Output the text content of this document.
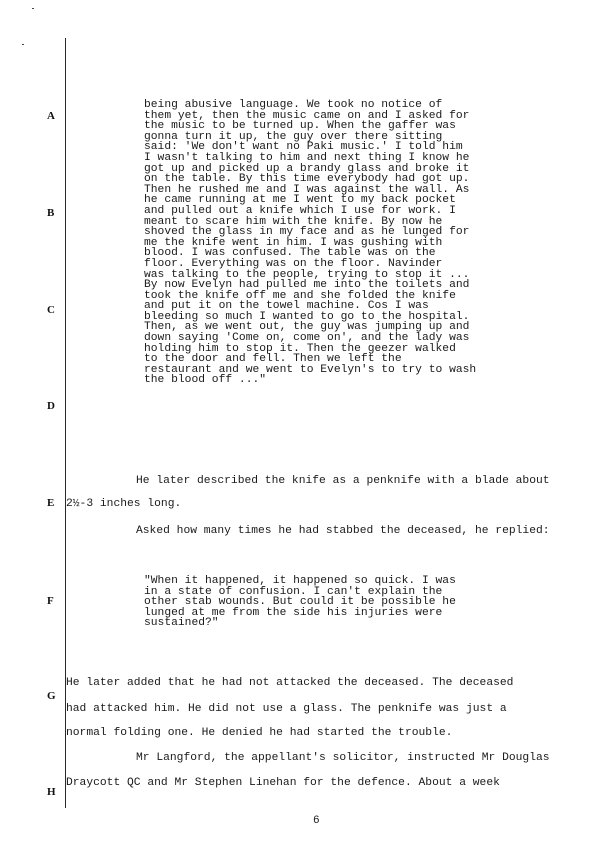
A
B
C
D
E
F
G
H
being abusive language. We took no notice of
them yet, then the music came on and I asked for
the music to be turned up. When the gaffer was
gonna turn it up, the guy over there sitting
said: 'We don't want no Paki music.' I told him
I wasn't talking to him and next thing I know he
got up and picked up a brandy glass and broke it
on the table. By this time everybody had got up.
Then he rushed me and I was against the wall. As
he came running at me I went to my back pocket
and pulled out a knife which I use for work. I
meant to scare him with the knife. By now he
shoved the glass in my face and as he lunged for
me the knife went in him. I was gushing with
blood. I was confused. The table was on the
floor. Everything was on the floor. Navinder
was talking to the people, trying to stop it ...
By now Evelyn had pulled me into the toilets and
took the knife off me and she folded the knife
and put it on the towel machine. Cos I was
bleeding so much I wanted to go to the hospital.
Then, as we went out, the guy was jumping up and
down saying 'Come on, come on', and the lady was
holding him to stop it. Then the geezer walked
to the door and fell. Then we left the
restaurant and we went to Evelyn's to try to wash
the blood off ..."
He later described the knife as a penknife with a blade about
2½-3 inches long.
Asked how many times he had stabbed the deceased, he replied:
"When it happened, it happened so quick. I was
in a state of confusion. I can't explain the
other stab wounds. But could it be possible he
lunged at me from the side his injuries were
sustained?"
He later added that he had not attacked the deceased. The deceased
had attacked him. He did not use a glass. The penknife was just a
normal folding one. He denied he had started the trouble.
Mr Langford, the appellant's solicitor, instructed Mr Douglas
Draycott QC and Mr Stephen Linehan for the defence. About a week
6
